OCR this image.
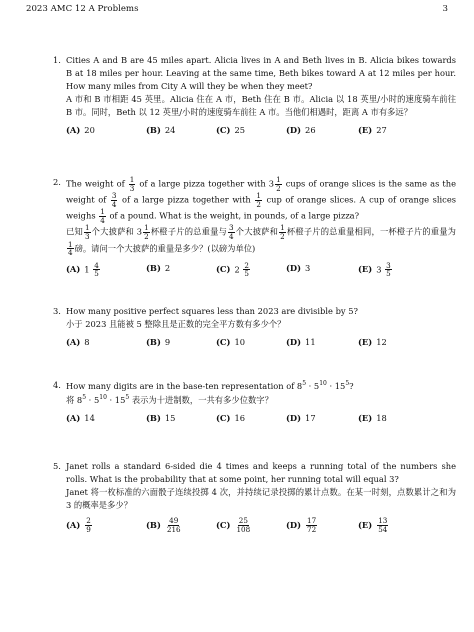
2023 AMC 12 A Problems	3
1. Cities A and B are 45 miles apart. Alicia lives in A and Beth lives in B. Alicia bikes towards B at 18 miles per hour. Leaving at the same time, Beth bikes toward A at 12 miles per hour. How many miles from City A will they be when they meet?

A 市和 B 市相距 45 英里。Alicia 住在 A 市，Beth 住在 B 市。Alicia 以 18 英里/小时的速度骑车前往 B 市。同时，Beth 以 12 英里/小时的速度骑车前往 A 市。当他们相遇时，距离 A 市有多远？

(A) 20	(B) 24	(C) 25	(D) 26	(E) 27
2. The weight of $\frac{1}{3}$ of a large pizza together with $3 \frac{1}{2}$ cups of orange slices is the same as the weight of $\frac{3}{4}$ of a large pizza together with $\frac{1}{2}$ cup of orange slices. A cup of orange slices weighs $\frac{1}{4}$ of a pound. What is the weight, in pounds, of a large pizza?

已知 $\frac{1}{3}$ 个大披萨和 $3 \frac{1}{2}$ 杯橙子片的总重量与 $\frac{3}{4}$ 个大披萨和 $\frac{1}{2}$ 杯橙子片的总重量相同，一杯橙子片的重量为
$\frac{1}{4}$ 磅。请问一个大披萨的重量是多少？(以磅为单位)

(A) $1 \frac{4}{5}$	(B) 2	(C) $2 \frac{2}{5}$	(D) 3	(E) $3 \frac{3}{5}$
3. How many positive perfect squares less than 2023 are divisible by 5?

小于 2023 且能被 5 整除且是正数的完全平方数有多少个？

(A) 8	(B) 9	(C) 10	(D) 11	(E) 12
4. How many digits are in the base-ten representation of $8^5 \cdot 5^{10} \cdot 15^5$?

将 $8^5 \cdot 5^{10} \cdot 15^5$ 表示为十进制数，一共有多少位数字？

(A) 14	(B) 15	(C) 16	(D) 17	(E) 18
5. Janet rolls a standard 6-sided die 4 times and keeps a running total of the numbers she rolls. What is the probability that at some point, her running total will equal 3?

Janet 将一枚标准的六面骰子连续投掷 4 次，并持续记录投掷的累计点数。在某一时刻，点数累计之和为 3 的概率是多少？

$(A) \frac{2}{9}$	$(B) \frac{49}{216}$	$(C) \frac{25}{108}$	$(D) \frac{17}{72}$	$(E) \frac{13}{54}$
